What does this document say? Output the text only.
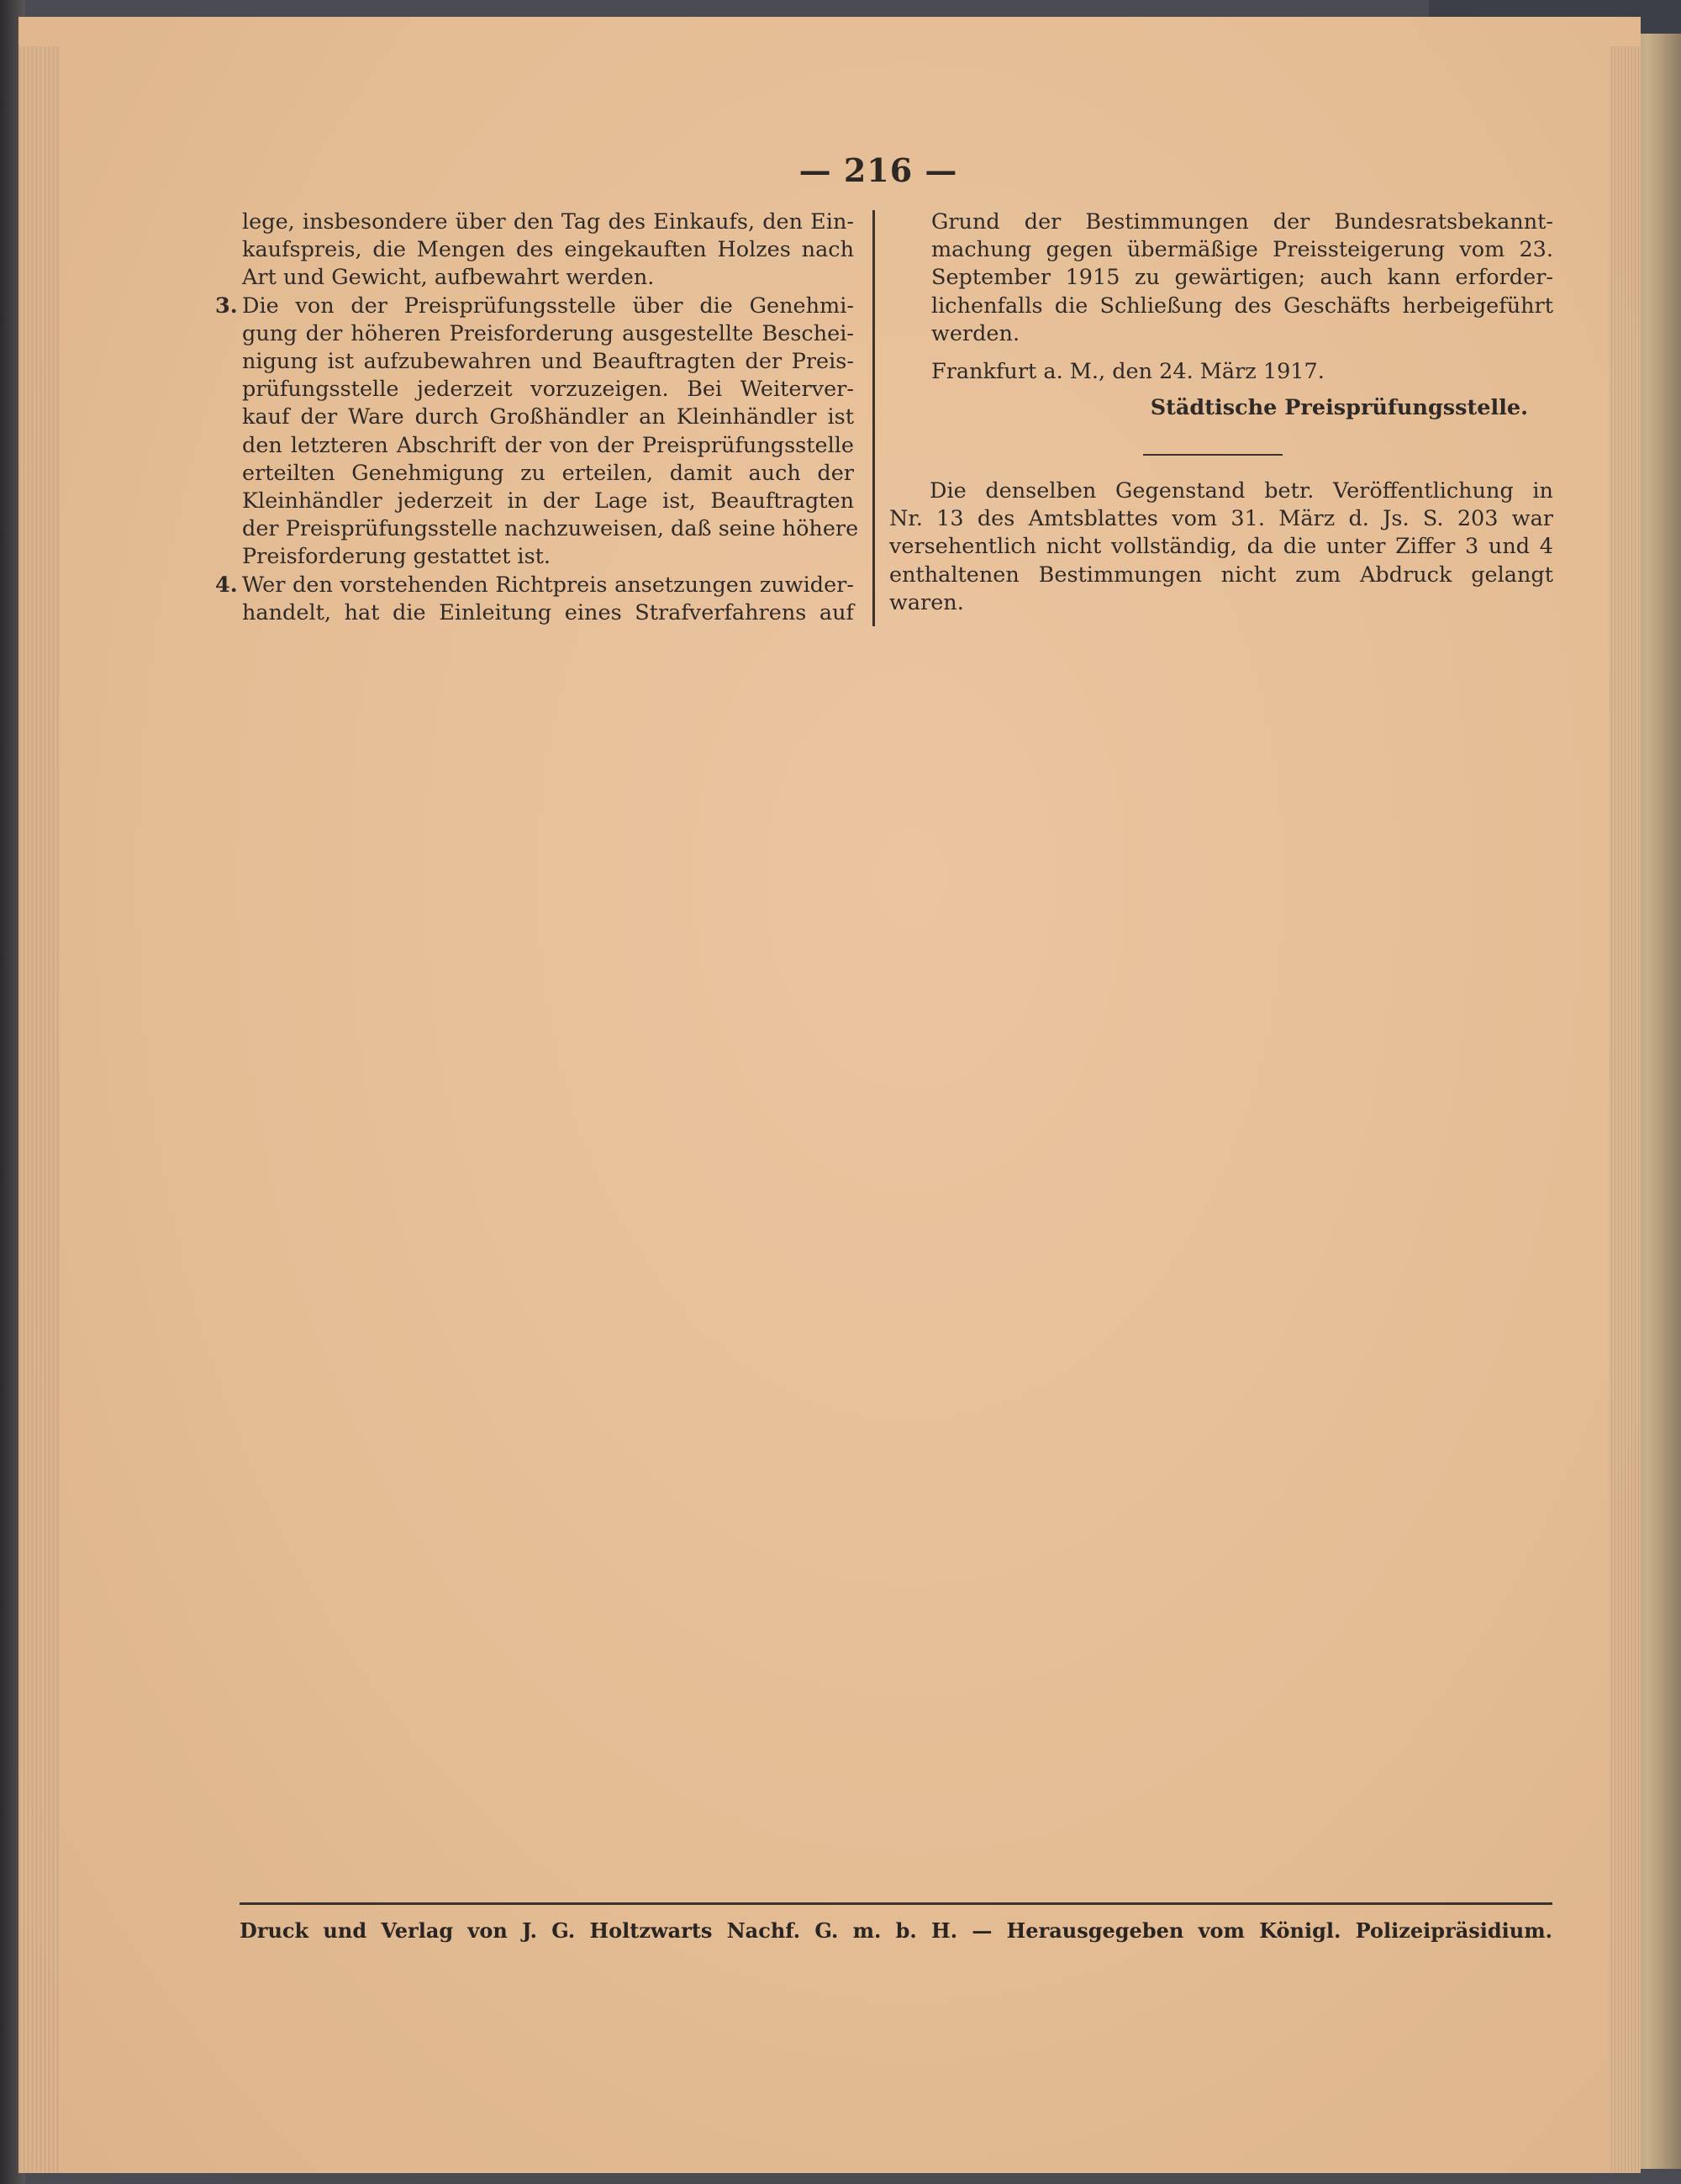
— 216 —
lege, insbesondere über den Tag des Einkaufs, den Ein-
kaufspreis, die Mengen des eingekauften Holzes nach
Art und Gewicht, aufbewahrt werden.
3. Die von der Preisprüfungsstelle über die Genehmi-
gung der höheren Preisforderung ausgestellte Beschei-
nigung ist aufzubewahren und Beauftragten der Preis-
prüfungsstelle jederzeit vorzuzeigen. Bei Weiterver-
kauf der Ware durch Großhändler an Kleinhändler ist
den letzteren Abschrift der von der Preisprüfungsstelle
erteilten Genehmigung zu erteilen, damit auch der
Kleinhändler jederzeit in der Lage ist, Beauftragten
der Preisprüfungsstelle nachzuweisen, daß seine höhere
Preisforderung gestattet ist.
4. Wer den vorstehenden Richtpreis ansetzungen zuwider-
handelt, hat die Einleitung eines Strafverfahrens auf
Grund der Bestimmungen der Bundesratsbekannt-
machung gegen übermäßige Preissteigerung vom 23.
September 1915 zu gewärtigen; auch kann erforder-
lichenfalls die Schließung des Geschäfts herbeigeführt
werden.
Frankfurt a. M., den 24. März 1917.
Städtische Preisprüfungsstelle.
Die denselben Gegenstand betr. Veröffentlichung in
Nr. 13 des Amtsblattes vom 31. März d. Js. S. 203 war
versehentlich nicht vollständig, da die unter Ziffer 3 und 4
enthaltenen Bestimmungen nicht zum Abdruck gelangt
waren.
Druck und Verlag von J. G. Holtzwarts Nachf. G. m. b. H. — Herausgegeben vom Königl. Polizeipräsidium.
